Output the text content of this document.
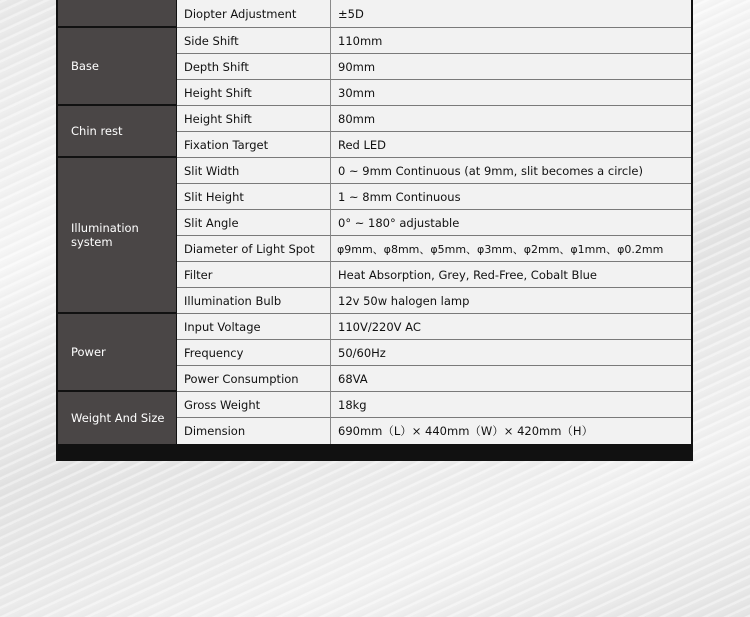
	Diopter Adjustment	±5D
Base	Side Shift	110mm
	Depth Shift	90mm
	Height Shift	30mm
Chin rest	Height Shift	80mm
	Fixation Target	Red LED
Illumination system	Slit Width	0 ~ 9mm Continuous (at 9mm, slit becomes a circle)
	Slit Height	1 ~ 8mm Continuous
	Slit Angle	0° ~ 180° adjustable
	Diameter of Light Spot	φ9mm、φ8mm、φ5mm、φ3mm、φ2mm、φ1mm、φ0.2mm
	Filter	Heat Absorption, Grey, Red-Free, Cobalt Blue
	Illumination Bulb	12v 50w halogen lamp
Power	Input Voltage	110V/220V AC
	Frequency	50/60Hz
	Power Consumption	68VA
Weight And Size	Gross Weight	18kg
	Dimension	690mm（L）× 440mm（W）× 420mm（H）
